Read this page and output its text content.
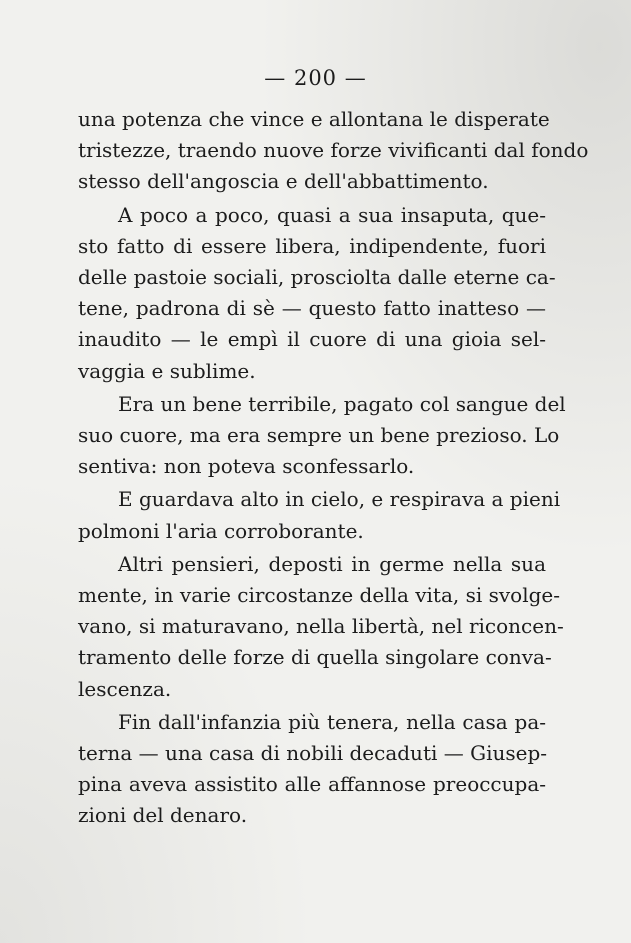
— 200 —

una potenza che vince e allontana le disperate
tristezze, traendo nuove forze vivificanti dal fondo
stesso dell'angoscia e dell'abbattimento.

A poco a poco, quasi a sua insaputa, que-
sto fatto di essere libera, indipendente, fuori
delle pastoie sociali, prosciolta dalle eterne ca-
tene, padrona di sè — questo fatto inatteso —
inaudito — le empì il cuore di una gioia sel-
vaggia e sublime.

Era un bene terribile, pagato col sangue del
suo cuore, ma era sempre un bene prezioso. Lo
sentiva: non poteva sconfessarlo.

E guardava alto in cielo, e respirava a pieni
polmoni l'aria corroborante.

Altri pensieri, deposti in germe nella sua
mente, in varie circostanze della vita, si svolge-
vano, si maturavano, nella libertà, nel riconcen-
tramento delle forze di quella singolare conva-
lescenza.

Fin dall'infanzia più tenera, nella casa pa-
terna — una casa di nobili decaduti — Giusep-
pina aveva assistito alle affannose preoccupa-
zioni del denaro.
